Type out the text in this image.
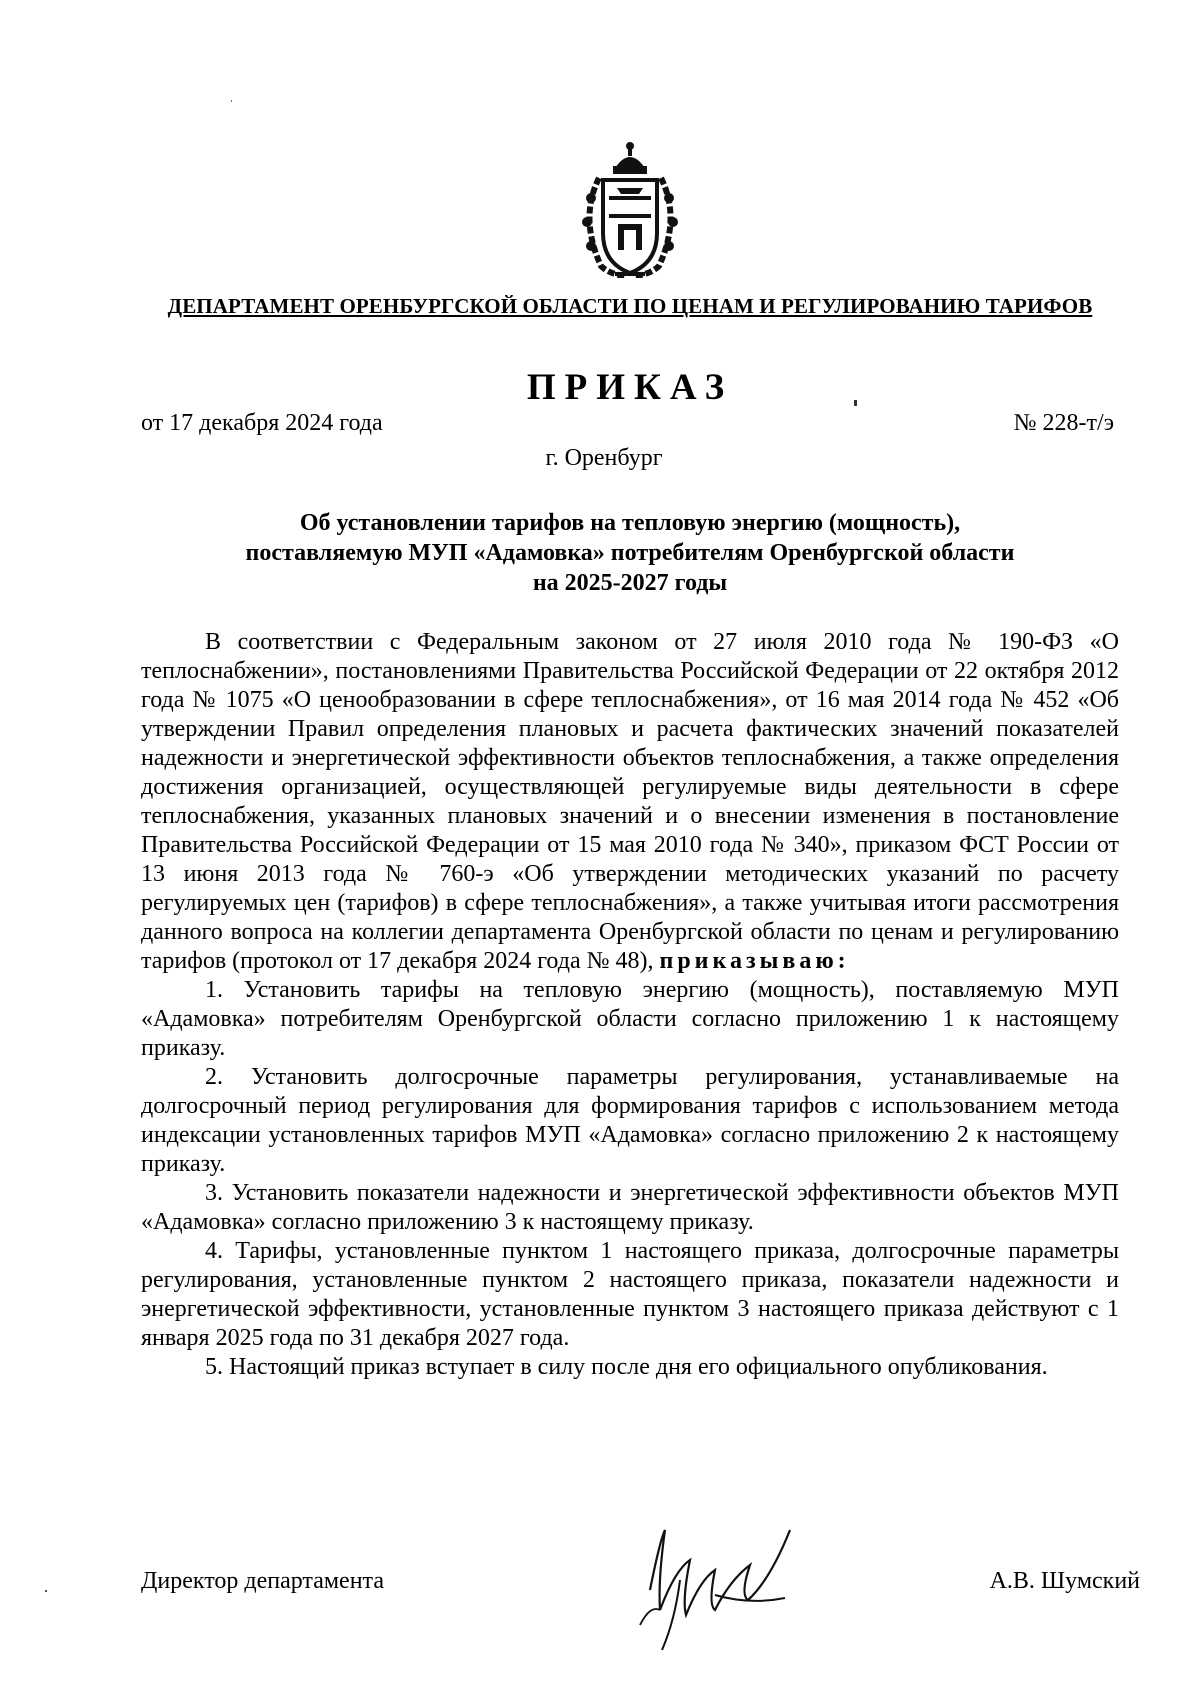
ДЕПАРТАМЕНТ ОРЕНБУРГСКОЙ ОБЛАСТИ ПО ЦЕНАМ И РЕГУЛИРОВАНИЮ ТАРИФОВ
ПРИКАЗ
от 17 декабря 2024 года	№ 228-т/э
г. Оренбург
Об установлении тарифов на тепловую энергию (мощность),
поставляемую МУП «Адамовка» потребителям Оренбургской области
на 2025-2027 годы

В соответствии с Федеральным законом от 27 июля 2010 года № 190-ФЗ «О теплоснабжении», постановлениями Правительства Российской Федерации от 22 октября 2012 года № 1075 «О ценообразовании в сфере теплоснабжения», от 16 мая 2014 года № 452 «Об утверждении Правил определения плановых и расчета фактических значений показателей надежности и энергетической эффективности объектов теплоснабжения, а также определения достижения организацией, осуществляющей регулируемые виды деятельности в сфере теплоснабжения, указанных плановых значений и о внесении изменения в постановление Правительства Российской Федерации от 15 мая 2010 года № 340», приказом ФСТ России от 13 июня 2013 года № 760-э «Об утверждении методических указаний по расчету регулируемых цен (тарифов) в сфере теплоснабжения», а также учитывая итоги рассмотрения данного вопроса на коллегии департамента Оренбургской области по ценам и регулированию тарифов (протокол от 17 декабря 2024 года № 48), приказываю:

1. Установить тарифы на тепловую энергию (мощность), поставляемую МУП «Адамовка» потребителям Оренбургской области согласно приложению 1 к настоящему приказу.

2. Установить долгосрочные параметры регулирования, устанавливаемые на долгосрочный период регулирования для формирования тарифов с использованием метода индексации установленных тарифов МУП «Адамовка» согласно приложению 2 к настоящему приказу.

3. Установить показатели надежности и энергетической эффективности объектов МУП «Адамовка» согласно приложению 3 к настоящему приказу.

4. Тарифы, установленные пунктом 1 настоящего приказа, долгосрочные параметры регулирования, установленные пунктом 2 настоящего приказа, показатели надежности и энергетической эффективности, установленные пунктом 3 настоящего приказа действуют с 1 января 2025 года по 31 декабря 2027 года.

5. Настоящий приказ вступает в силу после дня его официального опубликования.

Директор департамента	А.В. Шумский
